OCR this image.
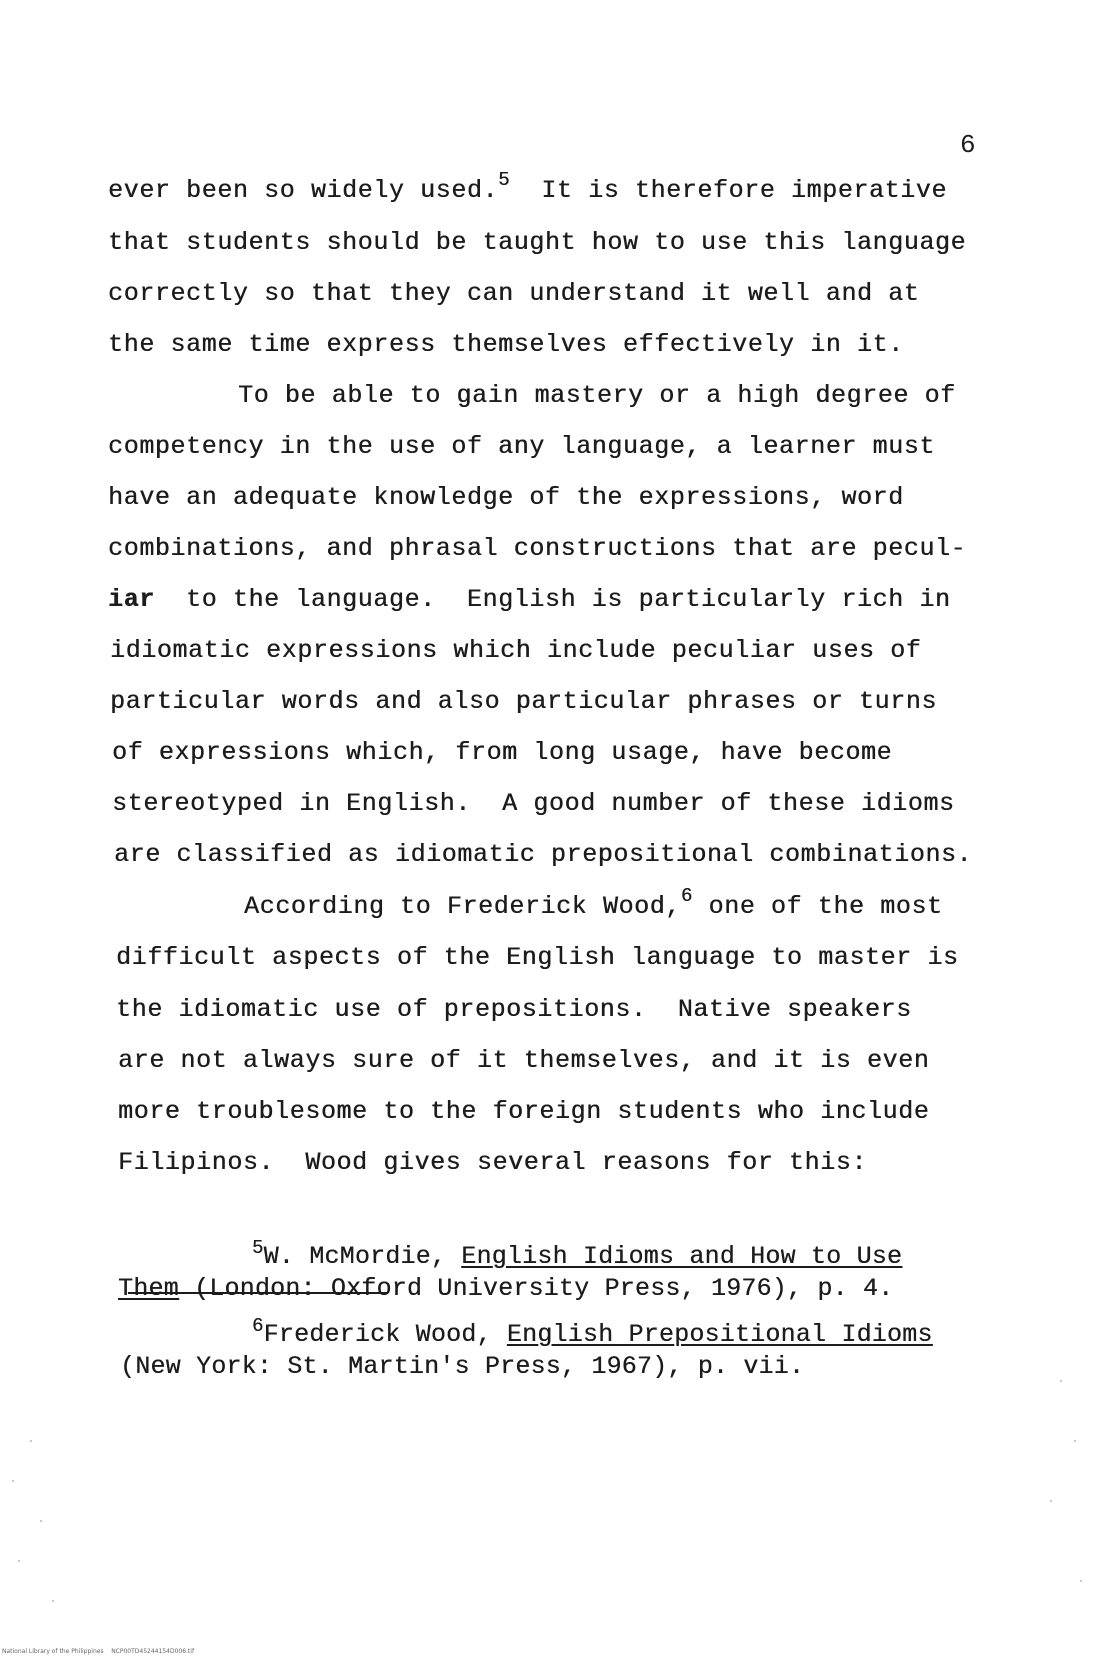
6
ever been so widely used.$^5$  It is therefore imperative
that students should be taught how to use this language
correctly so that they can understand it well and at
the same time express themselves effectively in it.
To be able to gain mastery or a high degree of
competency in the use of any language, a learner must
have an adequate knowledge of the expressions, word
combinations, and phrasal constructions that are pecul-
iar  to the language.  English is particularly rich in
idiomatic expressions which include peculiar uses of
particular words and also particular phrases or turns
of expressions which, from long usage, have become
stereotyped in English.  A good number of these idioms
are classified as idiomatic prepositional combinations.
According to Frederick Wood,$^6$ one of the most
difficult aspects of the English language to master is
the idiomatic use of prepositions.  Native speakers
are not always sure of it themselves, and it is even
more troublesome to the foreign students who include
Filipinos.  Wood gives several reasons for this:
$^5$W. McMordie, English Idioms and How to Use
Them (London: Oxford University Press, 1976), p. 4.
$^6$Frederick Wood, English Prepositional Idioms
(New York: St. Martin's Press, 1967), p. vii.
National Library of the Philippines    NCP00TD45244154D006.tif
